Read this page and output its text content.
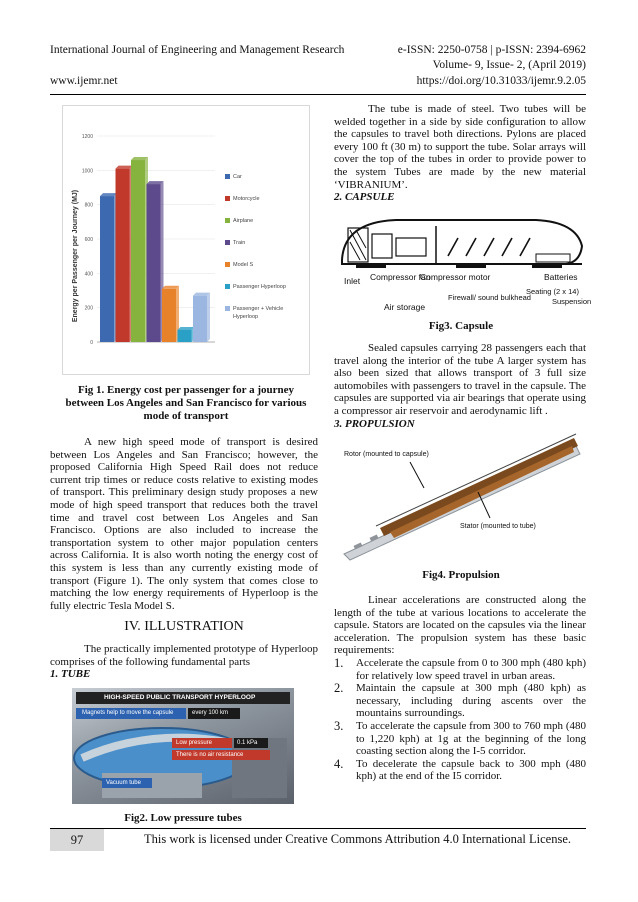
International Journal of Engineering and Management Research	e-ISSN: 2250-0758 | p-ISSN: 2394-6962
Volume- 9, Issue- 2, (April 2019)
www.ijemr.net	https://doi.org/10.31033/ijemr.9.2.05
Energy per Passenger per Journey (MJ)
0
200
400
600
800
1000
1200
Car
Motorcycle
Airplane
Train
Model S
Passenger Hyperloop
Passenger + Vehicle
Hyperloop
Fig 1. Energy cost per passenger for a journey between Los Angeles and San Francisco for various mode of transport

A new high speed mode of transport is desired between Los Angeles and San Francisco; however, the proposed California High Speed Rail does not reduce current trip times or reduce costs relative to existing modes of transport. This preliminary design study proposes a new mode of high speed transport that reduces both the travel time and travel cost between Los Angeles and San Francisco. Options are also included to increase the transportation system to other major population centers across California. It is also worth noting the energy cost of this system is less than any currently existing mode of transport (Figure 1). The only system that comes close to matching the low energy requirements of Hyperloop is the fully electric Tesla Model S.

IV. ILLUSTRATION

The practically implemented prototype of Hyperloop comprises of the following fundamental parts

1. TUBE

HIGH-SPEED PUBLIC TRANSPORT HYPERLOOP
Magnets help to move the capsule	every 100 km
Low pressure	0.1 kPa
There is no air resistance
Vacuum tube
Fig2. Low pressure tubes

The tube is made of steel. Two tubes will be welded together in a side by side configuration to allow the capsules to travel both directions. Pylons are placed every 100 ft (30 m) to support the tube. Solar arrays will cover the top of the tubes in order to provide power to the system Tubes are made by the new material ‘VIBRANIUM’.

2. CAPSULE

Inlet Compressor fan
Air storage
Compressor motor
Firewall/ sound bulkhead
Seating (2 x 14)
Suspension
Batteries
Fig3. Capsule

Sealed capsules carrying 28 passengers each that travel along the interior of the tube A larger system has also been sized that allows transport of 3 full size automobiles with passengers to travel in the capsule. The capsules are supported via air bearings that operate using a compressor air reservoir and aerodynamic lift .

3. PROPULSION

Rotor (mounted to capsule)
Stator (mounted to tube)
Fig4. Propulsion

Linear accelerations are constructed along the length of the tube at various locations to accelerate the capsule. Stators are located on the capsules via the linear acceleration. The propulsion system has these basic requirements:

1.	Accelerate the capsule from 0 to 300 mph (480 kph) for relatively low speed travel in urban areas.
2.	Maintain the capsule at 300 mph (480 kph) as necessary, including during ascents over the mountains surroundings.
3.	To accelerate the capsule from 300 to 760 mph (480 to 1,220 kph) at 1g at the beginning of the long coasting section along the I-5 corridor.
4.	To decelerate the capsule back to 300 mph (480 kph) at the end of the I5 corridor.
97	This work is licensed under Creative Commons Attribution 4.0 International License.
